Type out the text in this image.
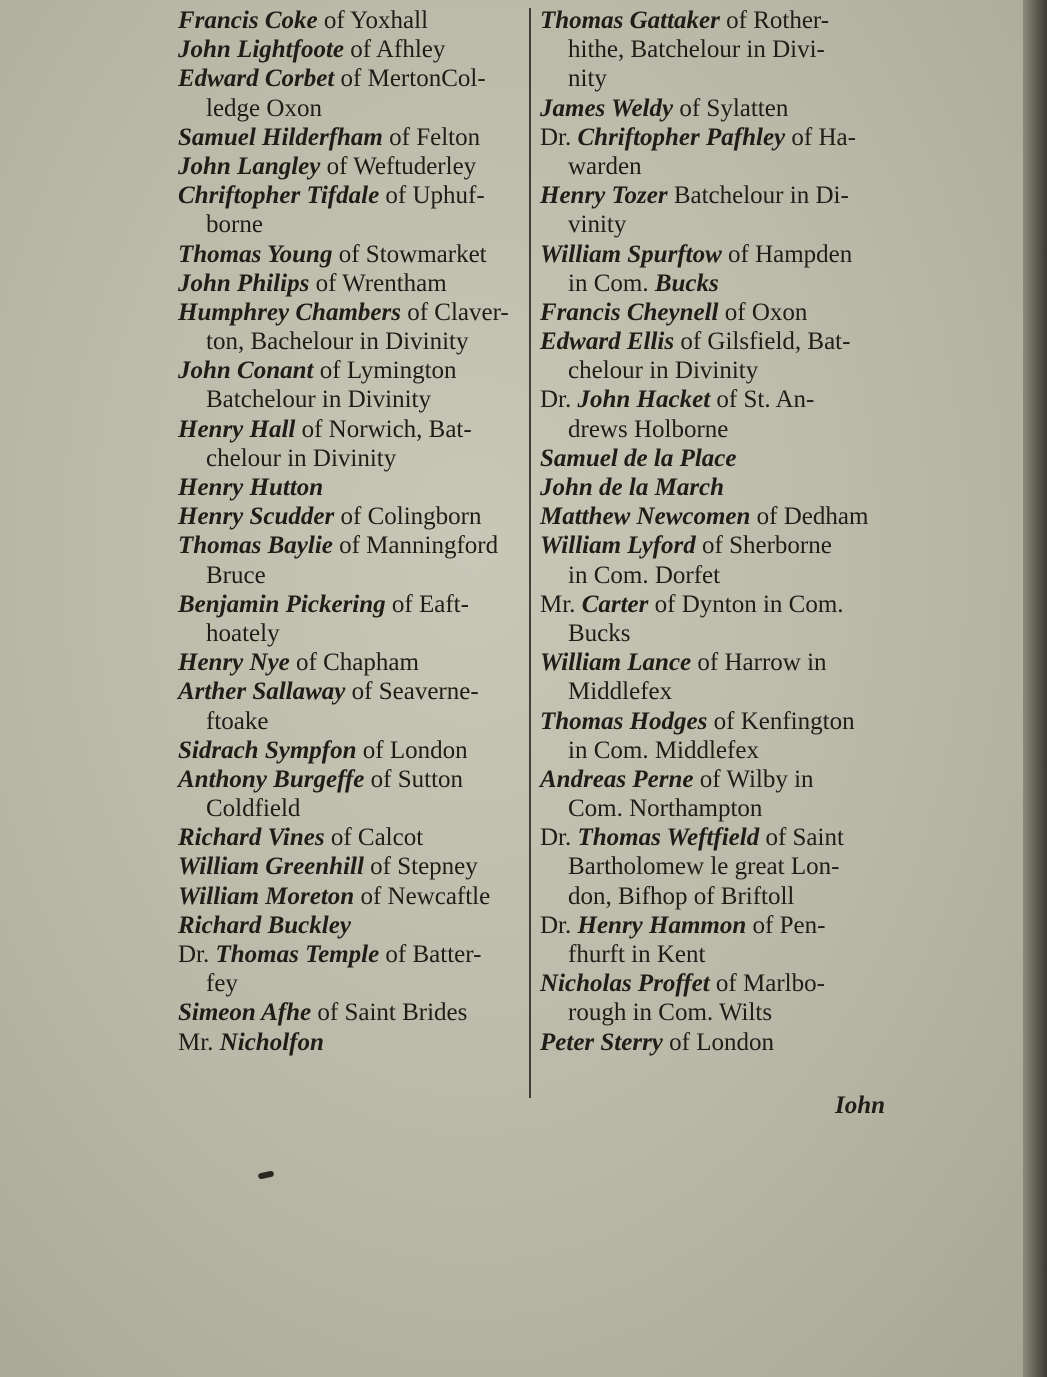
Francis Coke of Yoxhall
John Lightfoote of Afhley
Edward Corbet of MertonCol-
ledge Oxon
Samuel Hilderfham of Felton
John Langley of Weftuderley
Chriftopher Tifdale of Uphuf-
borne
Thomas Young of Stowmarket
John Philips of Wrentham
Humphrey Chambers of Claver-
ton, Bachelour in Divinity
John Conant of Lymington
Batchelour in Divinity
Henry Hall of Norwich, Bat-
chelour in Divinity
Henry Hutton
Henry Scudder of Colingborn
Thomas Baylie of Manningford
Bruce
Benjamin Pickering of Eaft-
hoately
Henry Nye of Chapham
Arther Sallaway of Seaverne-
ftoake
Sidrach Sympfon of London
Anthony Burgeffe of Sutton
Coldfield
Richard Vines of Calcot
William Greenhill of Stepney
William Moreton of Newcaftle
Richard Buckley
Dr. Thomas Temple of Batter-
fey
Simeon Afhe of Saint Brides
Mr. Nicholfon
Thomas Gattaker of Rother-
hithe, Batchelour in Divi-
nity
James Weldy of Sylatten
Dr. Chriftopher Pafhley of Ha-
warden
Henry Tozer Batchelour in Di-
vinity
William Spurftow of Hampden
in Com. Bucks
Francis Cheynell of Oxon
Edward Ellis of Gilsfield, Bat-
chelour in Divinity
Dr. John Hacket of St. An-
drews Holborne
Samuel de la Place
John de la March
Matthew Newcomen of Dedham
William Lyford of Sherborne
in Com. Dorfet
Mr. Carter of Dynton in Com.
Bucks
William Lance of Harrow in
Middlefex
Thomas Hodges of Kenfington
in Com. Middlefex
Andreas Perne of Wilby in
Com. Northampton
Dr. Thomas Weftfield of Saint
Bartholomew le great Lon-
don, Bifhop of Briftoll
Dr. Henry Hammon of Pen-
fhurft in Kent
Nicholas Proffet of Marlbo-
rough in Com. Wilts
Peter Sterry of London
Iohn
